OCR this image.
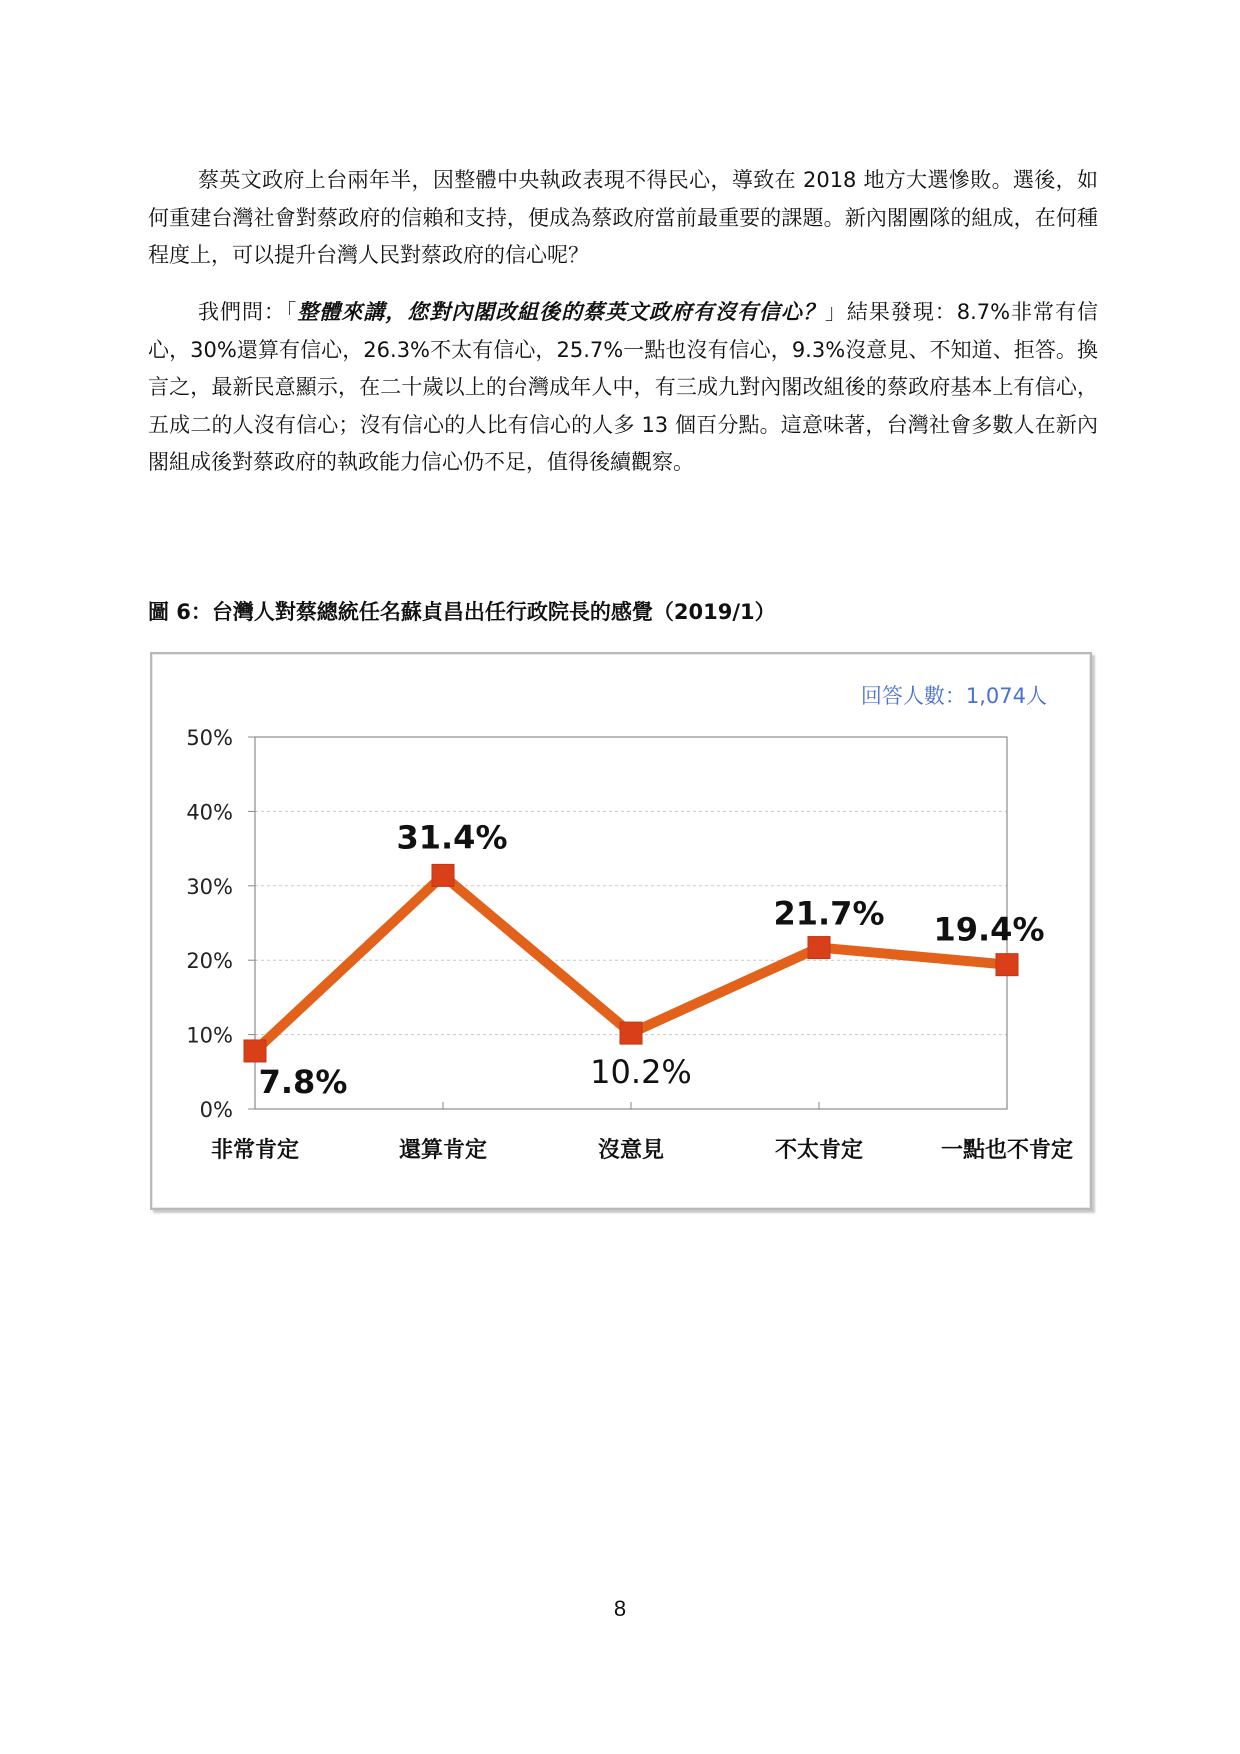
蔡英文政府上台兩年半，因整體中央執政表現不得民心，導致在 2018 地方大選慘敗。選後，如何重建台灣社會對蔡政府的信賴和支持，便成為蔡政府當前最重要的課題。新內閣團隊的組成，在何種程度上，可以提升台灣人民對蔡政府的信心呢？

我們問：「整體來講，您對內閣改組後的蔡英文政府有沒有信心？」結果發現：8.7%非常有信心，30%還算有信心，26.3%不太有信心，25.7%一點也沒有信心，9.3%沒意見、不知道、拒答。換言之，最新民意顯示，在二十歲以上的台灣成年人中，有三成九對內閣改組後的蔡政府基本上有信心，五成二的人沒有信心；沒有信心的人比有信心的人多 13 個百分點。這意味著，台灣社會多數人在新內閣組成後對蔡政府的執政能力信心仍不足，值得後續觀察。

圖 6：台灣人對蔡總統任名蘇貞昌出任行政院長的感覺（2019/1）

回答人數：1,074人
0%
10%
20%
30%
40%
50%
非常肯定	還算肯定	沒意見	不太肯定	一點也不肯定
7.8%
31.4%
10.2%
21.7% 19.4%
8
